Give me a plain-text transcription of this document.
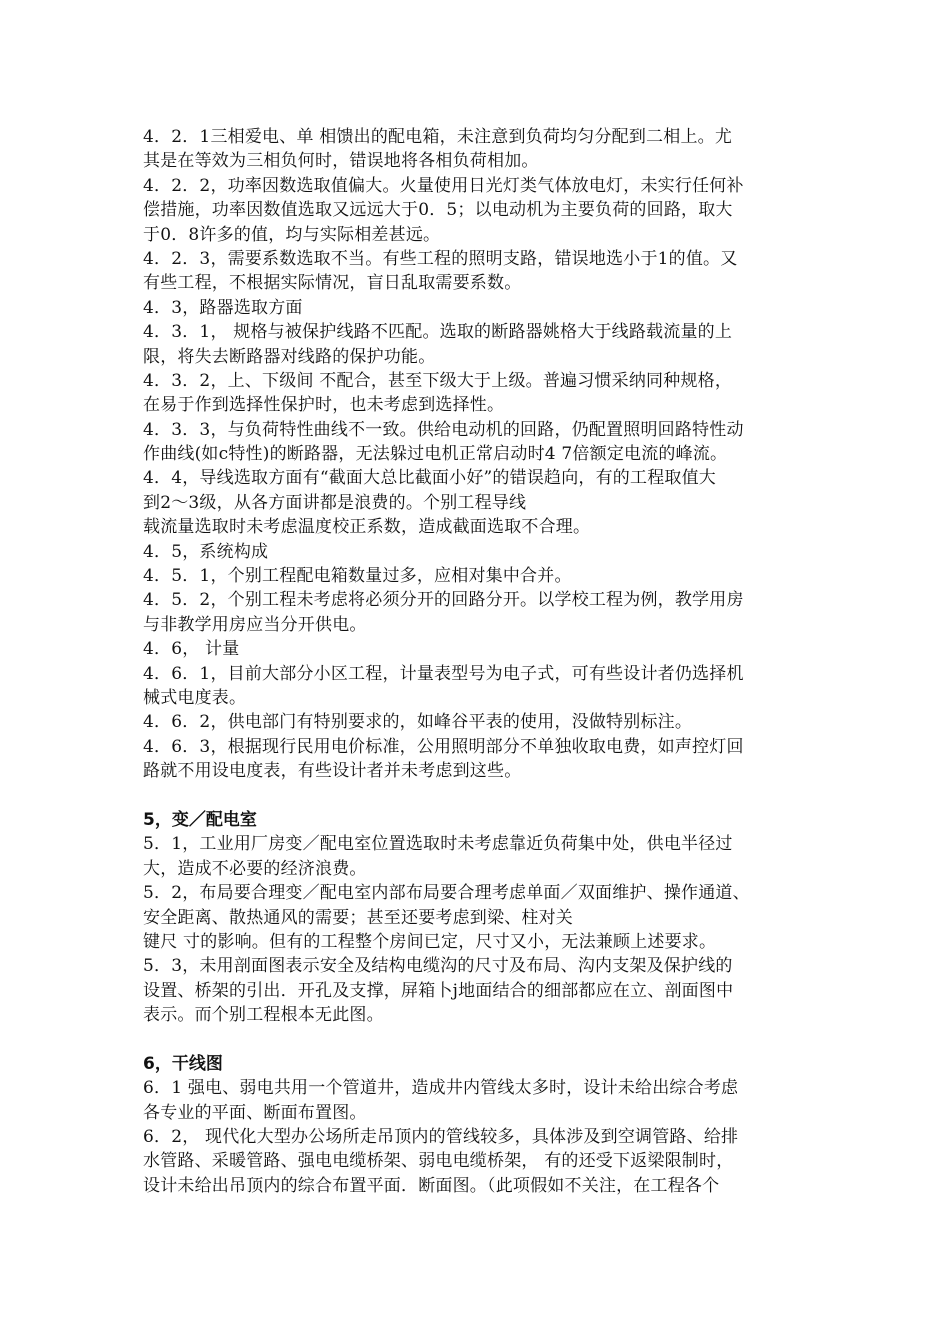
4．2．1三相爱电、单 相馈出的配电箱，未注意到负荷均匀分配到二相上。尤
其是在等效为三相负何时，错误地将各相负荷相加。
4．2．2，功率因数选取值偏大。火量使用日光灯类气体放电灯，未实行任何补
偿措施，功率因数值选取又远远大于0．5；以电动机为主要负荷的回路，取大
于0．8许多的值，均与实际相差甚远。
4．2．3，需要系数选取不当。有些工程的照明支路，错误地选小于1的值。又
有些工程，不根据实际情况，盲日乱取需要系数。
4．3，路器选取方面
4．3．1， 规格与被保护线路不匹配。选取的断路器姚格大于线路载流量的上
限，将失去断路器对线路的保护功能。
4．3．2，上、下级间 不配合，甚至下级大于上级。普遍习惯采纳同种规格，
在易于作到选择性保护时，也未考虑到选择性。
4．3．3，与负荷特性曲线不一致。供给电动机的回路，仍配置照明回路特性动
作曲线(如c特性)的断路器，无法躲过电机正常启动时4 7倍额定电流的峰流。
4．4，导线选取方面有“截面大总比截面小好”的错误趋向，有的工程取值大
到2～3级，从各方面讲都是浪费的。个别工程导线
载流量选取时未考虑温度校正系数，造成截面选取不合理。
4．5，系统构成
4．5．1，个别工程配电箱数量过多，应相对集中合并。
4．5．2，个别工程未考虑将必须分开的回路分开。以学校工程为例，教学用房
与非教学用房应当分开供电。
4．6， 计量
4．6．1，目前大部分小区工程，计量表型号为电子式，可有些设计者仍选择机
械式电度表。
4．6．2，供电部门有特别要求的，如峰谷平表的使用，没做特别标注。
4．6．3，根据现行民用电价标准，公用照明部分不单独收取电费，如声控灯回
路就不用设电度表，有些设计者并未考虑到这些。
5，变／配电室
5．1，工业用厂房变／配电室位置选取时未考虑靠近负荷集中处，供电半径过
大，造成不必要的经济浪费。
5．2，布局要合理变／配电室内部布局要合理考虑单面／双面维护、操作通道、
安全距离、散热通风的需要；甚至还要考虑到梁、柱对关
键尺 寸的影响。但有的工程整个房间已定，尺寸又小，无法兼顾上述要求。
5．3，未用剖面图表示安全及结构电缆沟的尺寸及布局、沟内支架及保护线的
设置、桥架的引出．开孔及支撑，屏箱卜j地面结合的细部都应在立、剖面图中
表示。而个别工程根本无此图。
6，干线图
6．1 强电、弱电共用一个管道井，造成井内管线太多时，设计未给出综合考虑
各专业的平面、断面布置图。
6．2， 现代化大型办公场所走吊顶内的管线较多，具体涉及到空调管路、给排
水管路、采暖管路、强电电缆桥架、弱电电缆桥架， 有的还受下返梁限制时，
设计未给出吊顶内的综合布置平面．断面图。（此项假如不关注，在工程各个
